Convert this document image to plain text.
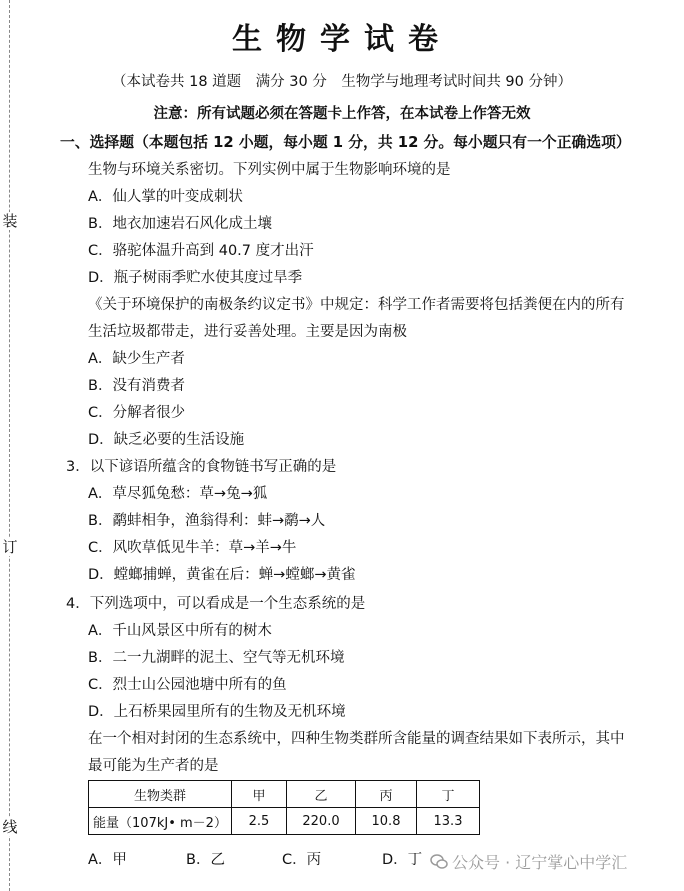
装
订
线
生物学试卷
（本试卷共 18 道题　满分 30 分　生物学与地理考试时间共 90 分钟）
注意：所有试题必须在答题卡上作答，在本试卷上作答无效
一、选择题（本题包括 12 小题，每小题 1 分，共 12 分。每小题只有一个正确选项）
生物与环境关系密切。下列实例中属于生物影响环境的是
A．仙人掌的叶变成刺状
B．地衣加速岩石风化成土壤
C．骆驼体温升高到 40.7 度才出汗
D．瓶子树雨季贮水使其度过旱季
《关于环境保护的南极条约议定书》中规定：科学工作者需要将包括粪便在内的所有
生活垃圾都带走，进行妥善处理。主要是因为南极
A．缺少生产者
B．没有消费者
C．分解者很少
D．缺乏必要的生活设施
3．以下谚语所蕴含的食物链书写正确的是
A．草尽狐兔愁：草→兔→狐
B．鹬蚌相争，渔翁得利：蚌→鹬→人
C．风吹草低见牛羊：草→羊→牛
D．螳螂捕蝉，黄雀在后：蝉→螳螂→黄雀
4．下列选项中，可以看成是一个生态系统的是
A．千山风景区中所有的树木
B．二一九湖畔的泥土、空气等无机环境
C．烈士山公园池塘中所有的鱼
D．上石桥果园里所有的生物及无机环境
在一个相对封闭的生态系统中，四种生物类群所含能量的调查结果如下表所示，其中
最可能为生产者的是
生物类群	甲	乙	丙	丁
能量（107kJ• m－2）	2.5	220.0	10.8	13.3
A．甲	B．乙	C．丙	D．丁	公众号 · 辽宁掌心中学汇
